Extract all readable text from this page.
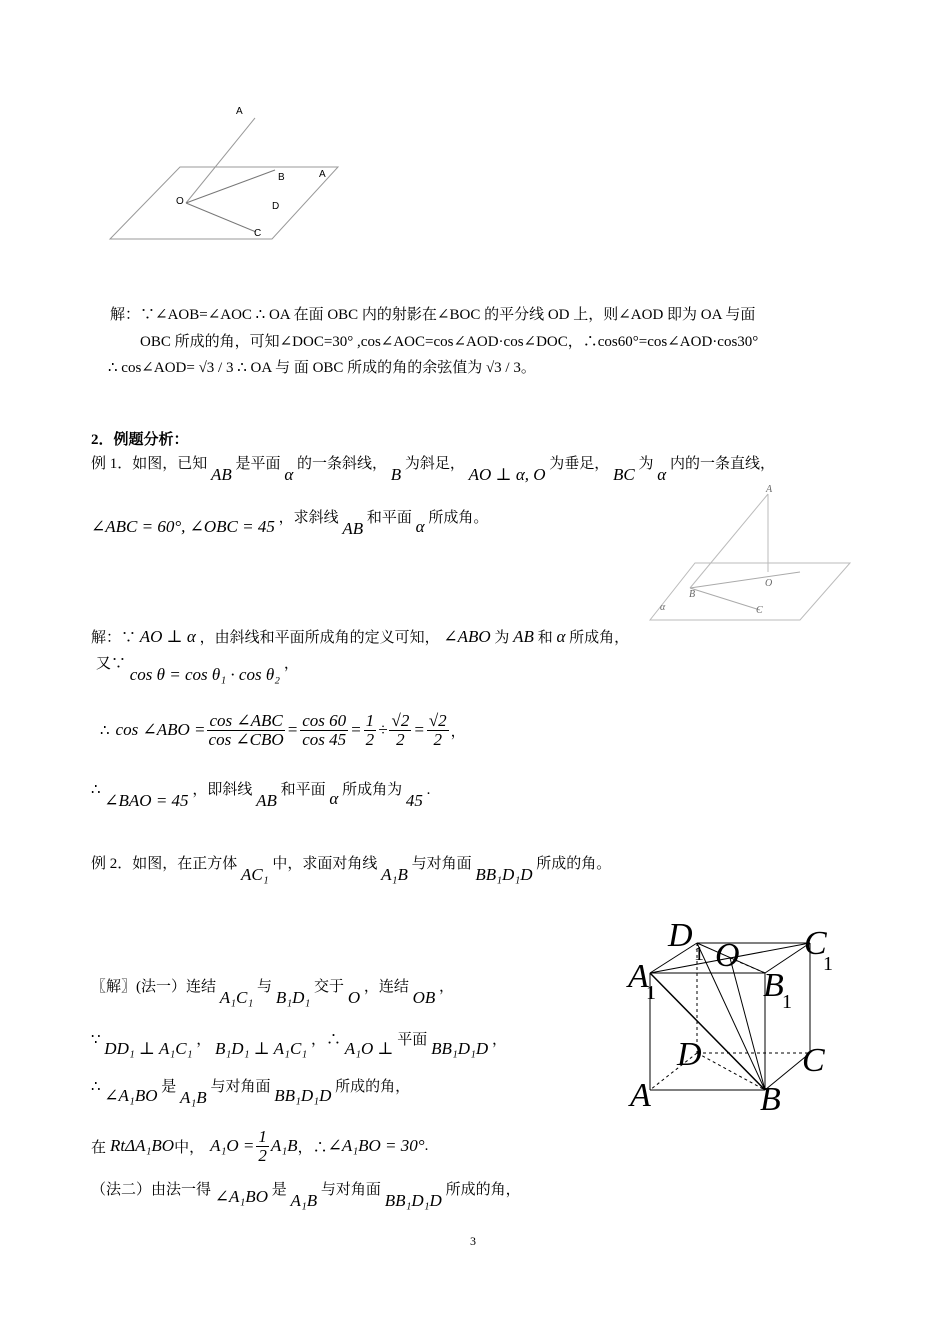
A
B	A
O	D
C
解：∵∠AOB=∠AOC ∴ OA 在面 OBC 内的射影在∠BOC 的平分线 OD 上，则∠AOD 即为 OA 与面
OBC 所成的角，可知∠DOC=30° ,cos∠AOC=cos∠AOD·cos∠DOC，∴cos60°=cos∠AOD·cos30°
∴ cos∠AOD= √3 / 3 ∴ OA 与 面 OBC 所成的角的余弦值为 √3 / 3。
2．例题分析：
例 1．如图，已知 AB 是平面 α 的一条斜线， B 为斜足， AO ⊥ α, O 为垂足， BC 为 α 内的一条直线，
∠ABC = 60°, ∠OBC = 45 ，求斜线 AB 和平面 α 所成角。
A
O
B
C
α
解：∵ AO ⊥ α ，由斜线和平面所成角的定义可知， ∠ABO 为 AB 和 α 所成角，
又∵ cos θ = cos θ₁ · cos θ₂ ，
∴ cos ∠ABO = $\frac{\text{cos ∠ABC}}{\text{cos ∠CBO}} = \frac{\cos 60}{\cos 45} = \frac{1}{2} \div \frac{√2}{2} = \frac{√2}{2}$ ，
∴ ∠BAO = 45 ，即斜线 AB 和平面 α 所成角为 45 .
例 2．如图，在正方体 AC₁ 中，求面对角线 A₁B 与对角面 BB₁D₁D 所成的角。
D 1 O C
1
A
1	B
1
D	C
A	B
〖解〗(法一）连结 A₁C₁ 与 B₁D₁ 交于 O ，连结 OB ，
∵ DD₁ ⊥ A₁C₁ ， B₁D₁ ⊥ A₁C₁ ，∴ A₁O ⊥ 平面 BB₁D₁D ，
∴ ∠A₁BO 是 A₁B 与对角面 BB₁D₁D 所成的角，
在 RtΔA₁BO 中， $A_1O = \frac{1}{2} A_1B$ ，∴ ∠A₁BO = 30° .
（法二）由法一得 ∠A₁BO 是 A₁B 与对角面 BB₁D₁D 所成的角，
3
